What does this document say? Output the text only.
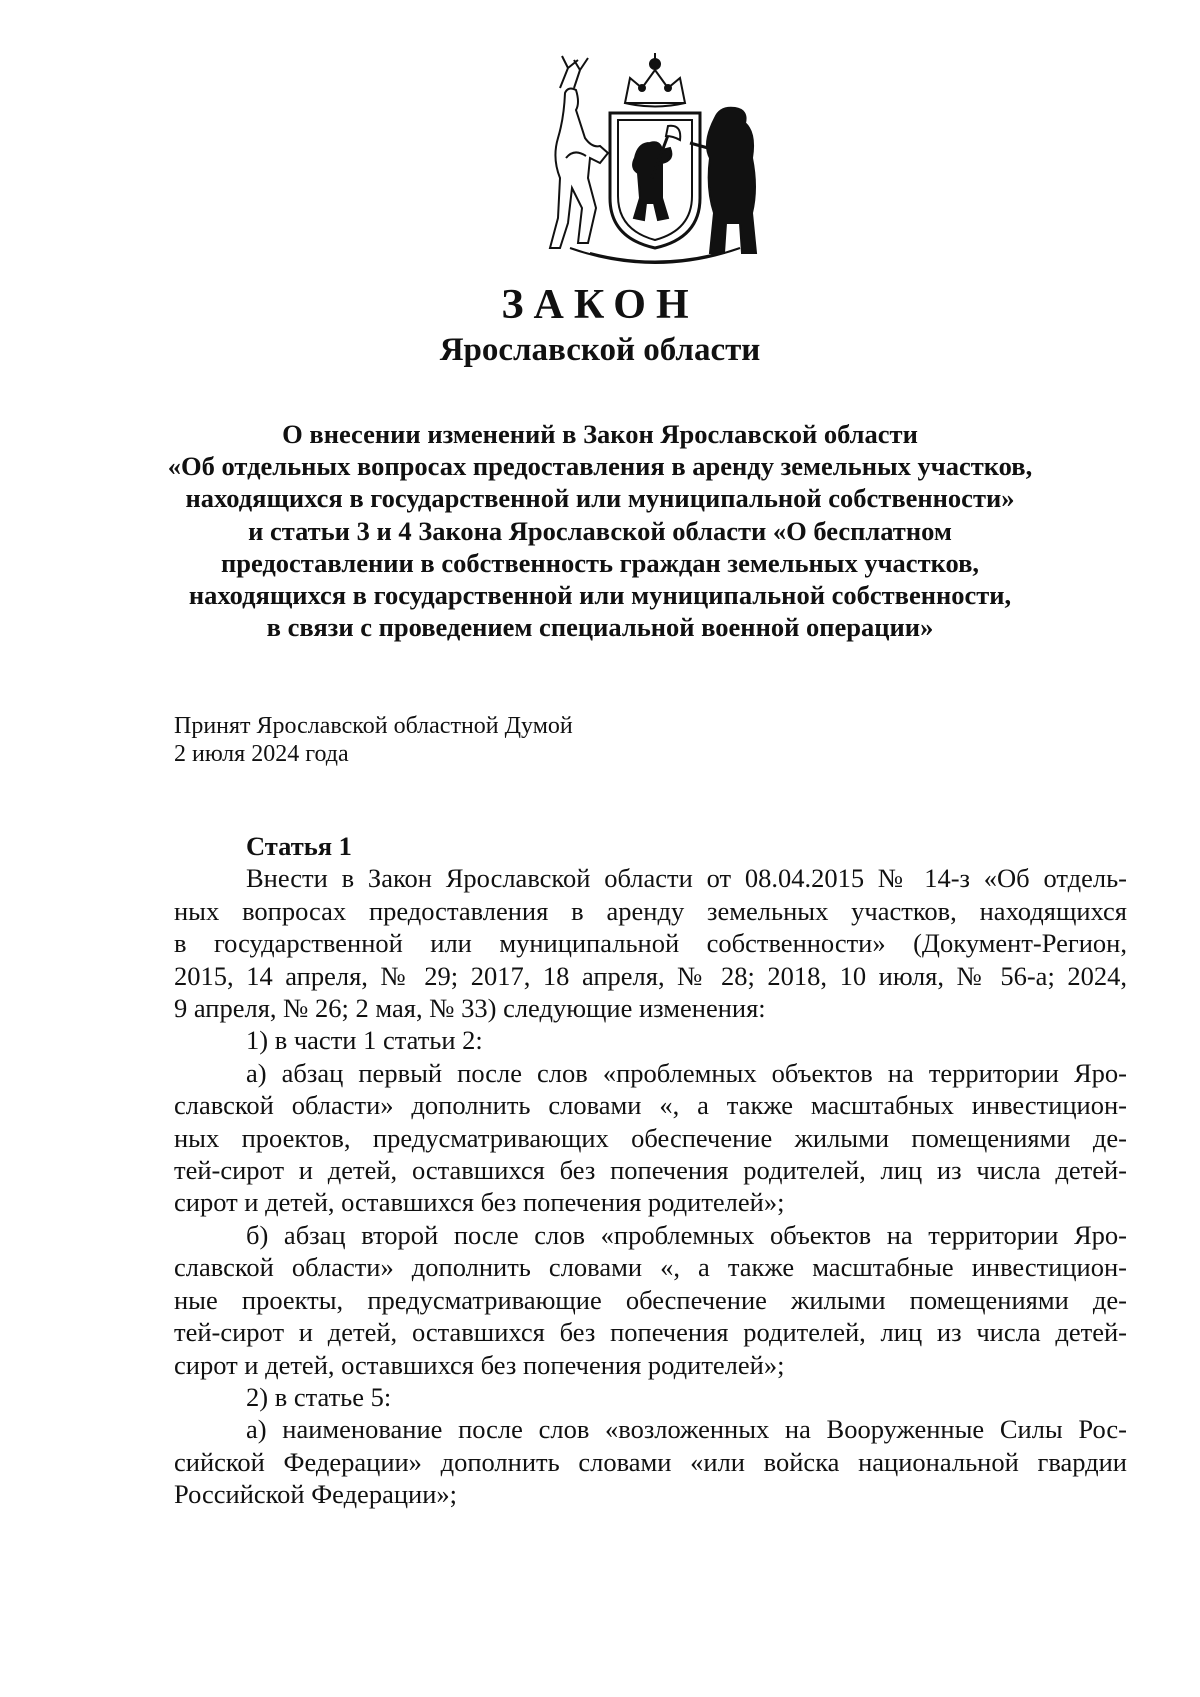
ЗАКОН
Ярославской области
О внесении изменений в Закон Ярославской области
«Об отдельных вопросах предоставления в аренду земельных участков,
находящихся в государственной или муниципальной собственности»
и статьи 3 и 4 Закона Ярославской области «О бесплатном
предоставлении в собственность граждан земельных участков,
находящихся в государственной или муниципальной собственности,
в связи с проведением специальной военной операции»
Принят Ярославской областной Думой
2 июля 2024 года
Статья 1
Внести в Закон Ярославской области от 08.04.2015 № 14-з «Об отдель-
ных вопросах предоставления в аренду земельных участков, находящихся
в государственной или муниципальной собственности» (Документ-Регион,
2015, 14 апреля, № 29; 2017, 18 апреля, № 28; 2018, 10 июля, № 56-а; 2024,
9 апреля, № 26; 2 мая, № 33) следующие изменения:
1) в части 1 статьи 2:
а) абзац первый после слов «проблемных объектов на территории Яро-
славской области» дополнить словами «, а также масштабных инвестицион-
ных проектов, предусматривающих обеспечение жилыми помещениями де-
тей-сирот и детей, оставшихся без попечения родителей, лиц из числа детей-
сирот и детей, оставшихся без попечения родителей»;
б) абзац второй после слов «проблемных объектов на территории Яро-
славской области» дополнить словами «, а также масштабные инвестицион-
ные проекты, предусматривающие обеспечение жилыми помещениями де-
тей-сирот и детей, оставшихся без попечения родителей, лиц из числа детей-
сирот и детей, оставшихся без попечения родителей»;
2) в статье 5:
а) наименование после слов «возложенных на Вооруженные Силы Рос-
сийской Федерации» дополнить словами «или войска национальной гвардии
Российской Федерации»;
